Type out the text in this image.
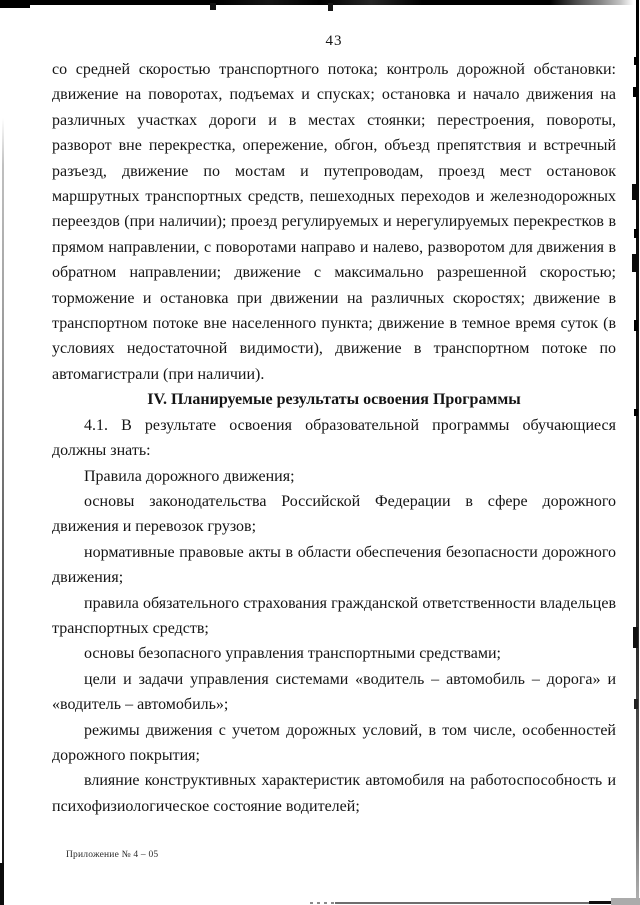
43
со средней скоростью транспортного потока; контроль дорожной обстановки: движение на поворотах, подъемах и спусках; остановка и начало движения на различных участках дороги и в местах стоянки; перестроения, повороты, разворот вне перекрестка, опережение, обгон, объезд препятствия и встречный разъезд, движение по мостам и путепроводам, проезд мест остановок маршрутных транспортных средств, пешеходных переходов и железнодорожных переездов (при наличии); проезд регулируемых и нерегулируемых перекрестков в прямом направлении, с поворотами направо и налево, разворотом для движения в обратном направлении; движение с максимально разрешенной скоростью; торможение и остановка при движении на различных скоростях; движение в транспортном потоке вне населенного пункта; движение в темное время суток (в условиях недостаточной видимости), движение в транспортном потоке по автомагистрали (при наличии).
IV. Планируемые результаты освоения Программы
4.1. В результате освоения образовательной программы обучающиеся должны знать:
Правила дорожного движения;
основы законодательства Российской Федерации в сфере дорожного движения и перевозок грузов;
нормативные правовые акты в области обеспечения безопасности дорожного движения;
правила обязательного страхования гражданской ответственности владельцев транспортных средств;
основы безопасного управления транспортными средствами;
цели и задачи управления системами «водитель – автомобиль – дорога» и «водитель – автомобиль»;
режимы движения с учетом дорожных условий, в том числе, особенностей дорожного покрытия;
влияние конструктивных характеристик автомобиля на работоспособность и психофизиологическое состояние водителей;
Приложение № 4 – 05
